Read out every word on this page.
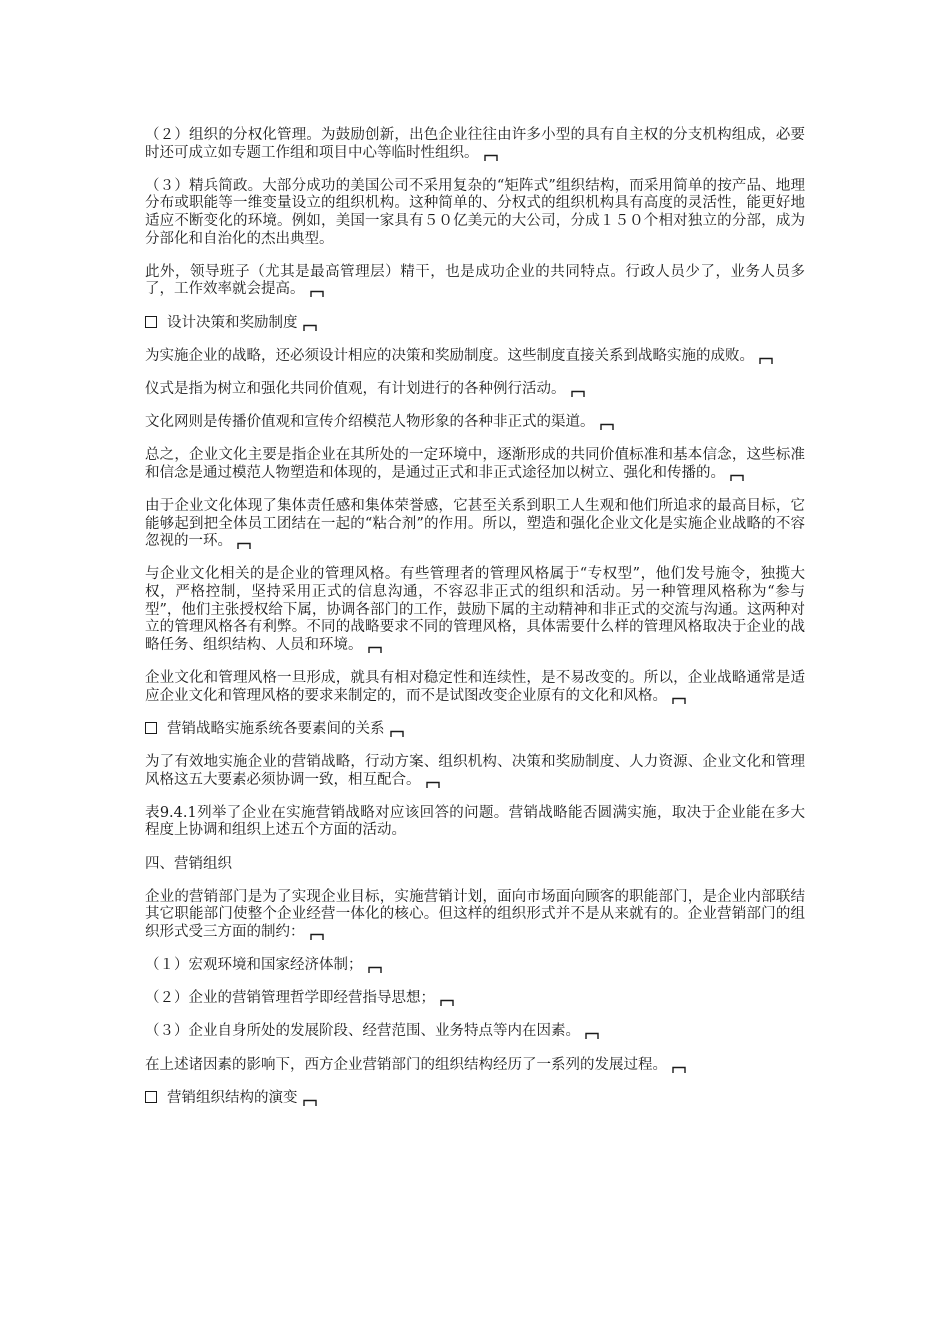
（２）组织的分权化管理。为鼓励创新，出色企业往往由许多小型的具有自主权的分支机构组成，必要时还可成立如专题工作组和项目中心等临时性组织。
（３）精兵简政。大部分成功的美国公司不采用复杂的“矩阵式”组织结构，而采用简单的按产品、地理分布或职能等一维变量设立的组织机构。这种简单的、分权式的组织机构具有高度的灵活性，能更好地适应不断变化的环境。例如，美国一家具有５０亿美元的大公司，分成１５０个相对独立的分部，成为分部化和自治化的杰出典型。
此外，领导班子（尤其是最高管理层）精干，也是成功企业的共同特点。行政人员少了，业务人员多了，工作效率就会提高。
设计决策和奖励制度
为实施企业的战略，还必须设计相应的决策和奖励制度。这些制度直接关系到战略实施的成败。
仪式是指为树立和强化共同价值观，有计划进行的各种例行活动。
文化网则是传播价值观和宣传介绍模范人物形象的各种非正式的渠道。
总之，企业文化主要是指企业在其所处的一定环境中，逐渐形成的共同价值标准和基本信念，这些标准和信念是通过模范人物塑造和体现的，是通过正式和非正式途径加以树立、强化和传播的。
由于企业文化体现了集体责任感和集体荣誉感，它甚至关系到职工人生观和他们所追求的最高目标，它能够起到把全体员工团结在一起的“粘合剂”的作用。所以，塑造和强化企业文化是实施企业战略的不容忽视的一环。
与企业文化相关的是企业的管理风格。有些管理者的管理风格属于“专权型”，他们发号施令，独揽大权，严格控制，坚持采用正式的信息沟通，不容忍非正式的组织和活动。另一种管理风格称为“参与型”，他们主张授权给下属，协调各部门的工作，鼓励下属的主动精神和非正式的交流与沟通。这两种对立的管理风格各有利弊。不同的战略要求不同的管理风格，具体需要什么样的管理风格取决于企业的战略任务、组织结构、人员和环境。
企业文化和管理风格一旦形成，就具有相对稳定性和连续性，是不易改变的。所以，企业战略通常是适应企业文化和管理风格的要求来制定的，而不是试图改变企业原有的文化和风格。
营销战略实施系统各要素间的关系
为了有效地实施企业的营销战略，行动方案、组织机构、决策和奖励制度、人力资源、企业文化和管理风格这五大要素必须协调一致，相互配合。
表9.4.1列举了企业在实施营销战略对应该回答的问题。营销战略能否圆满实施，取决于企业能在多大程度上协调和组织上述五个方面的活动。
四、营销组织
企业的营销部门是为了实现企业目标，实施营销计划，面向市场面向顾客的职能部门，是企业内部联结其它职能部门使整个企业经营一体化的核心。但这样的组织形式并不是从来就有的。企业营销部门的组织形式受三方面的制约：
（１）宏观环境和国家经济体制；
（２）企业的营销管理哲学即经营指导思想；
（３）企业自身所处的发展阶段、经营范围、业务特点等内在因素。
在上述诸因素的影响下，西方企业营销部门的组织结构经历了一系列的发展过程。
营销组织结构的演变
